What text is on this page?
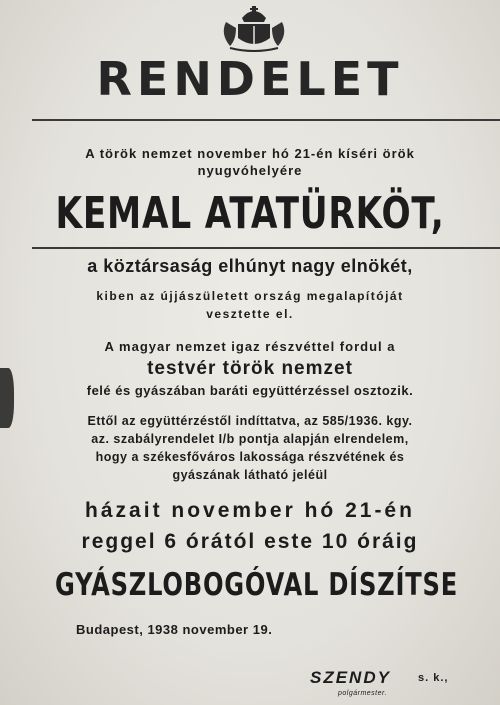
RENDELET
A török nemzet november hó 21-én kíséri örök
nyugvóhelyére
KEMAL ATATÜRKÖT,
a köztársaság elhúnyt nagy elnökét,
kiben az újjászületett ország megalapítóját
vesztette el.
A magyar nemzet igaz részvéttel fordul a
testvér török nemzet
felé és gyászában baráti együttérzéssel osztozik.
Ettől az együttérzéstől indíttatva, az 585/1936. kgy.
az. szabályrendelet I/b pontja alapján elrendelem,
hogy a székesfőváros lakossága részvétének és
gyászának látható jeléül
házait november hó 21-én
reggel 6 órától este 10 óráig
GYÁSZLOBOGÓVAL DÍSZÍTSE
Budapest, 1938 november 19.
SZENDY s. k.,
polgármester.
